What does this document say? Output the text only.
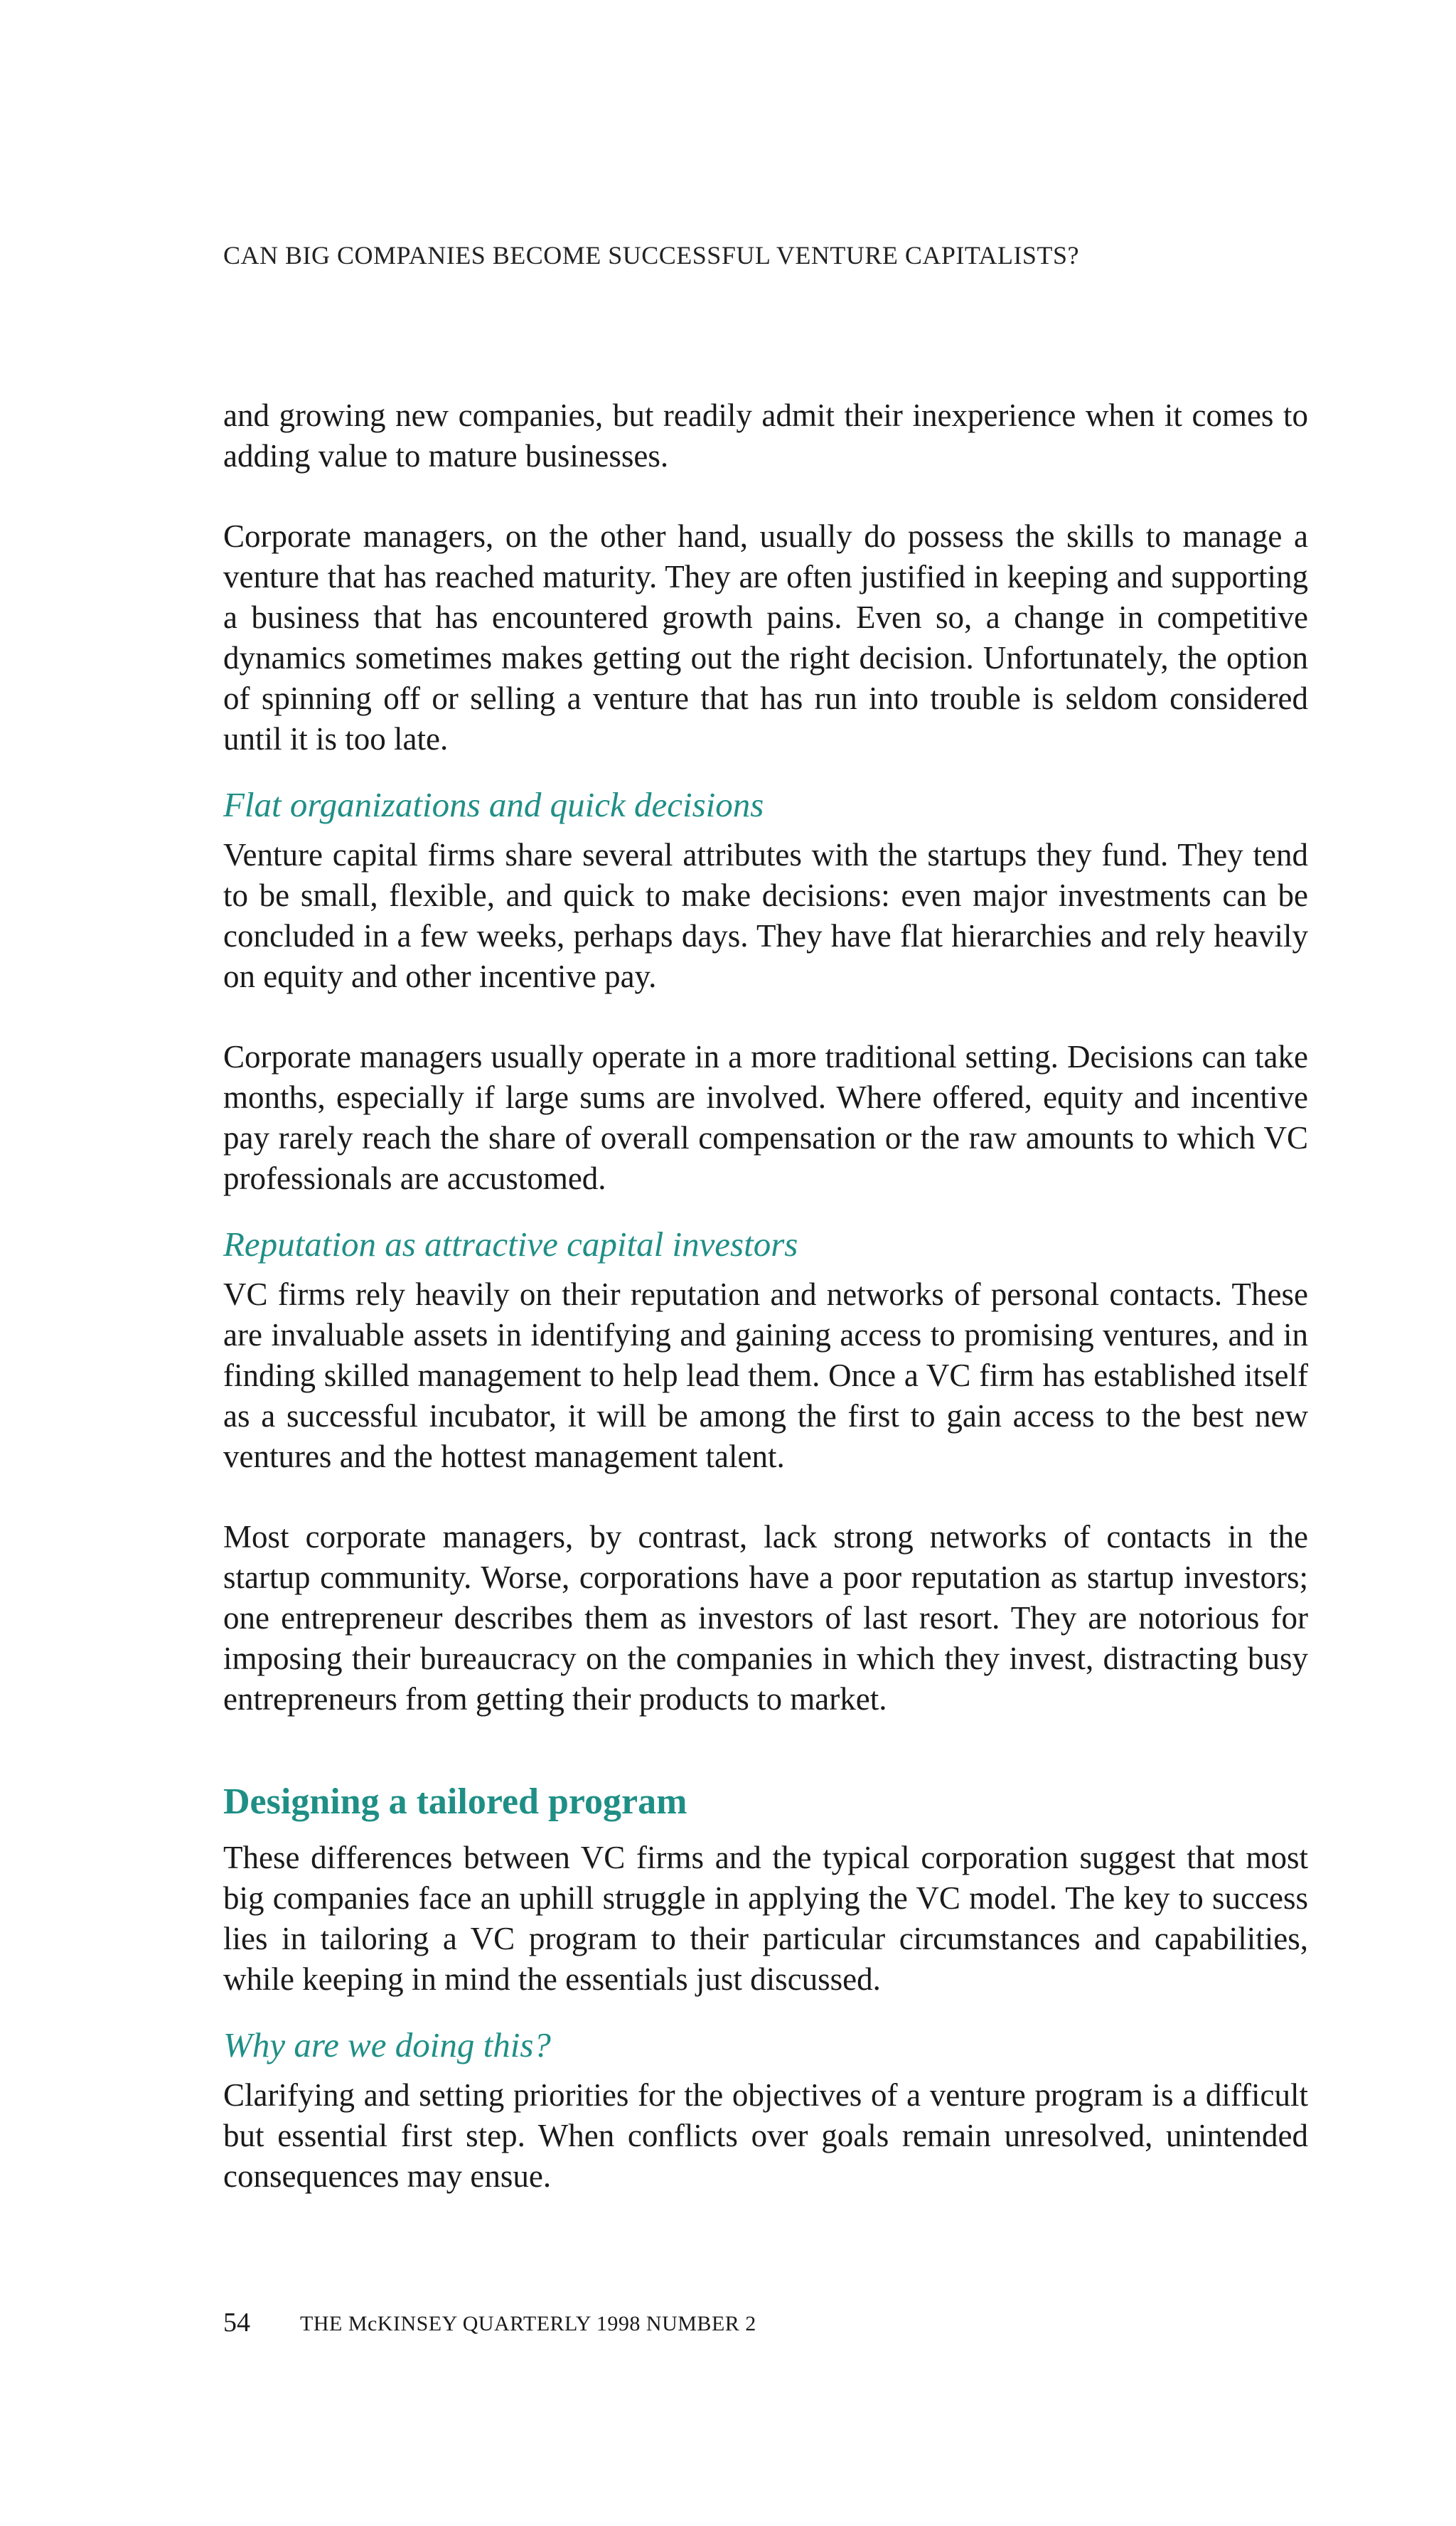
CAN BIG COMPANIES BECOME SUCCESSFUL VENTURE CAPITALISTS?

and growing new companies, but readily admit their inexperience when it comes to adding value to mature businesses.

Corporate managers, on the other hand, usually do possess the skills to manage a venture that has reached maturity. They are often justified in keeping and supporting a business that has encountered growth pains. Even so, a change in competitive dynamics sometimes makes getting out the right decision. Unfortunately, the option of spinning off or selling a venture that has run into trouble is seldom considered until it is too late.

Flat organizations and quick decisions

Venture capital firms share several attributes with the startups they fund. They tend to be small, flexible, and quick to make decisions: even major investments can be concluded in a few weeks, perhaps days. They have flat hierarchies and rely heavily on equity and other incentive pay.

Corporate managers usually operate in a more traditional setting. Decisions can take months, especially if large sums are involved. Where offered, equity and incentive pay rarely reach the share of overall compensation or the raw amounts to which VC professionals are accustomed.

Reputation as attractive capital investors

VC firms rely heavily on their reputation and networks of personal contacts. These are invaluable assets in identifying and gaining access to promising ventures, and in finding skilled management to help lead them. Once a VC firm has established itself as a successful incubator, it will be among the first to gain access to the best new ventures and the hottest management talent.

Most corporate managers, by contrast, lack strong networks of contacts in the startup community. Worse, corporations have a poor reputation as startup investors; one entrepreneur describes them as investors of last resort. They are notorious for imposing their bureaucracy on the companies in which they invest, distracting busy entrepreneurs from getting their products to market.

Designing a tailored program

These differences between VC firms and the typical corporation suggest that most big companies face an uphill struggle in applying the VC model. The key to success lies in tailoring a VC program to their particular circumstances and capabilities, while keeping in mind the essentials just discussed.

Why are we doing this?

Clarifying and setting priorities for the objectives of a venture program is a difficult but essential first step. When conflicts over goals remain unresolved, unintended consequences may ensue.

54 THE McKINSEY QUARTERLY 1998 NUMBER 2
